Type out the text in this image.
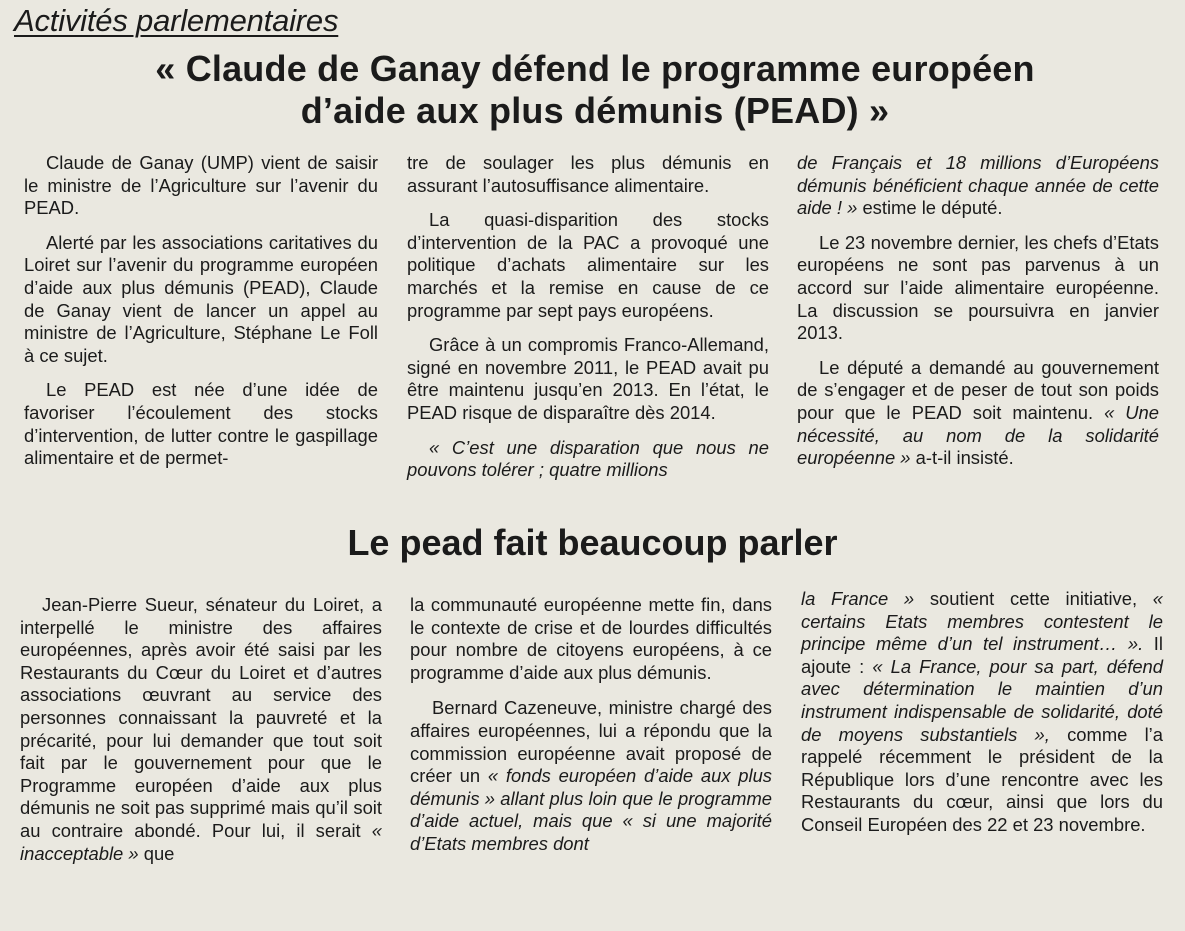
Activités parlementaires
« Claude de Ganay défend le programme européen
d’aide aux plus démunis (PEAD) »

Claude de Ganay (UMP) vient de saisir le ministre de l’Agriculture sur l’avenir du PEAD.

Alerté par les associations caritatives du Loiret sur l’avenir du programme européen d’aide aux plus démunis (PEAD), Claude de Ganay vient de lancer un appel au ministre de l’Agriculture, Stéphane Le Foll à ce sujet.

Le PEAD est née d’une idée de favoriser l’écoulement des stocks d’intervention, de lutter contre le gaspillage alimentaire et de permet-

tre de soulager les plus démunis en assurant l’autosuffisance alimentaire.

La quasi-disparition des stocks d’intervention de la PAC a provoqué une politique d’achats alimentaire sur les marchés et la remise en cause de ce programme par sept pays européens.

Grâce à un compromis Franco-Allemand, signé en novembre 2011, le PEAD avait pu être maintenu jusqu’en 2013. En l’état, le PEAD risque de disparaître dès 2014.

« C’est une disparation que nous ne pouvons tolérer ; quatre millions

de Français et 18 millions d’Européens démunis bénéficient chaque année de cette aide ! » estime le député.

Le 23 novembre dernier, les chefs d’Etats européens ne sont pas parvenus à un accord sur l’aide alimentaire européenne. La discussion se poursuivra en janvier 2013.

Le député a demandé au gouvernement de s’engager et de peser de tout son poids pour que le PEAD soit maintenu. « Une nécessité, au nom de la solidarité européenne » a-t-il insisté.

Le pead fait beaucoup parler

Jean-Pierre Sueur, sénateur du Loiret, a interpellé le ministre des affaires européennes, après avoir été saisi par les Restaurants du Cœur du Loiret et d’autres associations œuvrant au service des personnes connaissant la pauvreté et la précarité, pour lui demander que tout soit fait par le gouvernement pour que le Programme européen d’aide aux plus démunis ne soit pas supprimé mais qu’il soit au contraire abondé. Pour lui, il serait « inacceptable » que

la communauté européenne mette fin, dans le contexte de crise et de lourdes difficultés pour nombre de citoyens européens, à ce programme d’aide aux plus démunis.

Bernard Cazeneuve, ministre chargé des affaires européennes, lui a répondu que la commission européenne avait proposé de créer un « fonds européen d’aide aux plus démunis » allant plus loin que le programme d’aide actuel, mais que « si une majorité d’Etats membres dont

la France » soutient cette initiative, « certains Etats membres contestent le principe même d’un tel instrument… ». Il ajoute : « La France, pour sa part, défend avec détermination le maintien d’un instrument indispensable de solidarité, doté de moyens substantiels », comme l’a rappelé récemment le président de la République lors d’une rencontre avec les Restaurants du cœur, ainsi que lors du Conseil Européen des 22 et 23 novembre.
